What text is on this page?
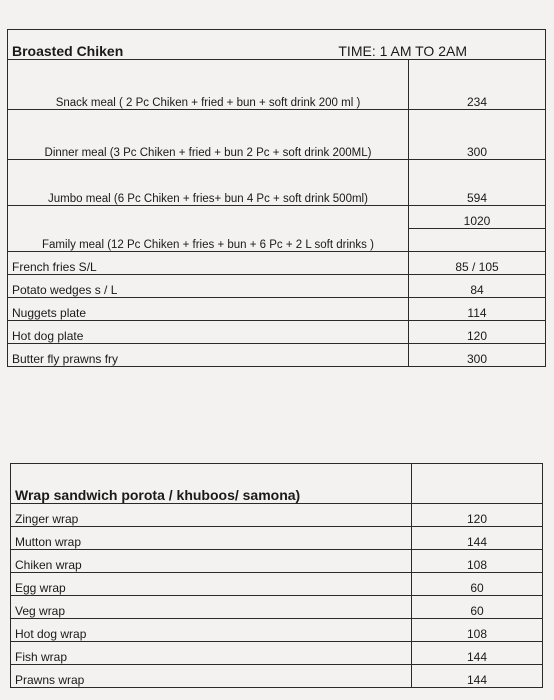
Broasted Chiken TIME: 1 AM TO 2AM	

Snack meal ( 2 Pc Chiken + fried + bun + soft drink 200 ml )	234
Dinner meal (3 Pc Chiken + fried + bun 2 Pc + soft drink 200ML)	300
Jumbo meal (6 Pc Chiken + fries+ bun 4 Pc + soft drink 500ml)	594
Family meal (12 Pc Chiken + fries + bun + 6 Pc + 2 L soft drinks )	1020

French fries S/L	85 / 105
Potato wedges s / L	84
Nuggets plate	114
Hot dog plate	120
Butter fly prawns fry	300
Wrap sandwich porota / khuboos/ samona)	
Zinger wrap	120
Mutton wrap	144
Chiken wrap	108
Egg wrap	60
Veg wrap	60
Hot dog wrap	108
Fish wrap	144
Prawns wrap	144
